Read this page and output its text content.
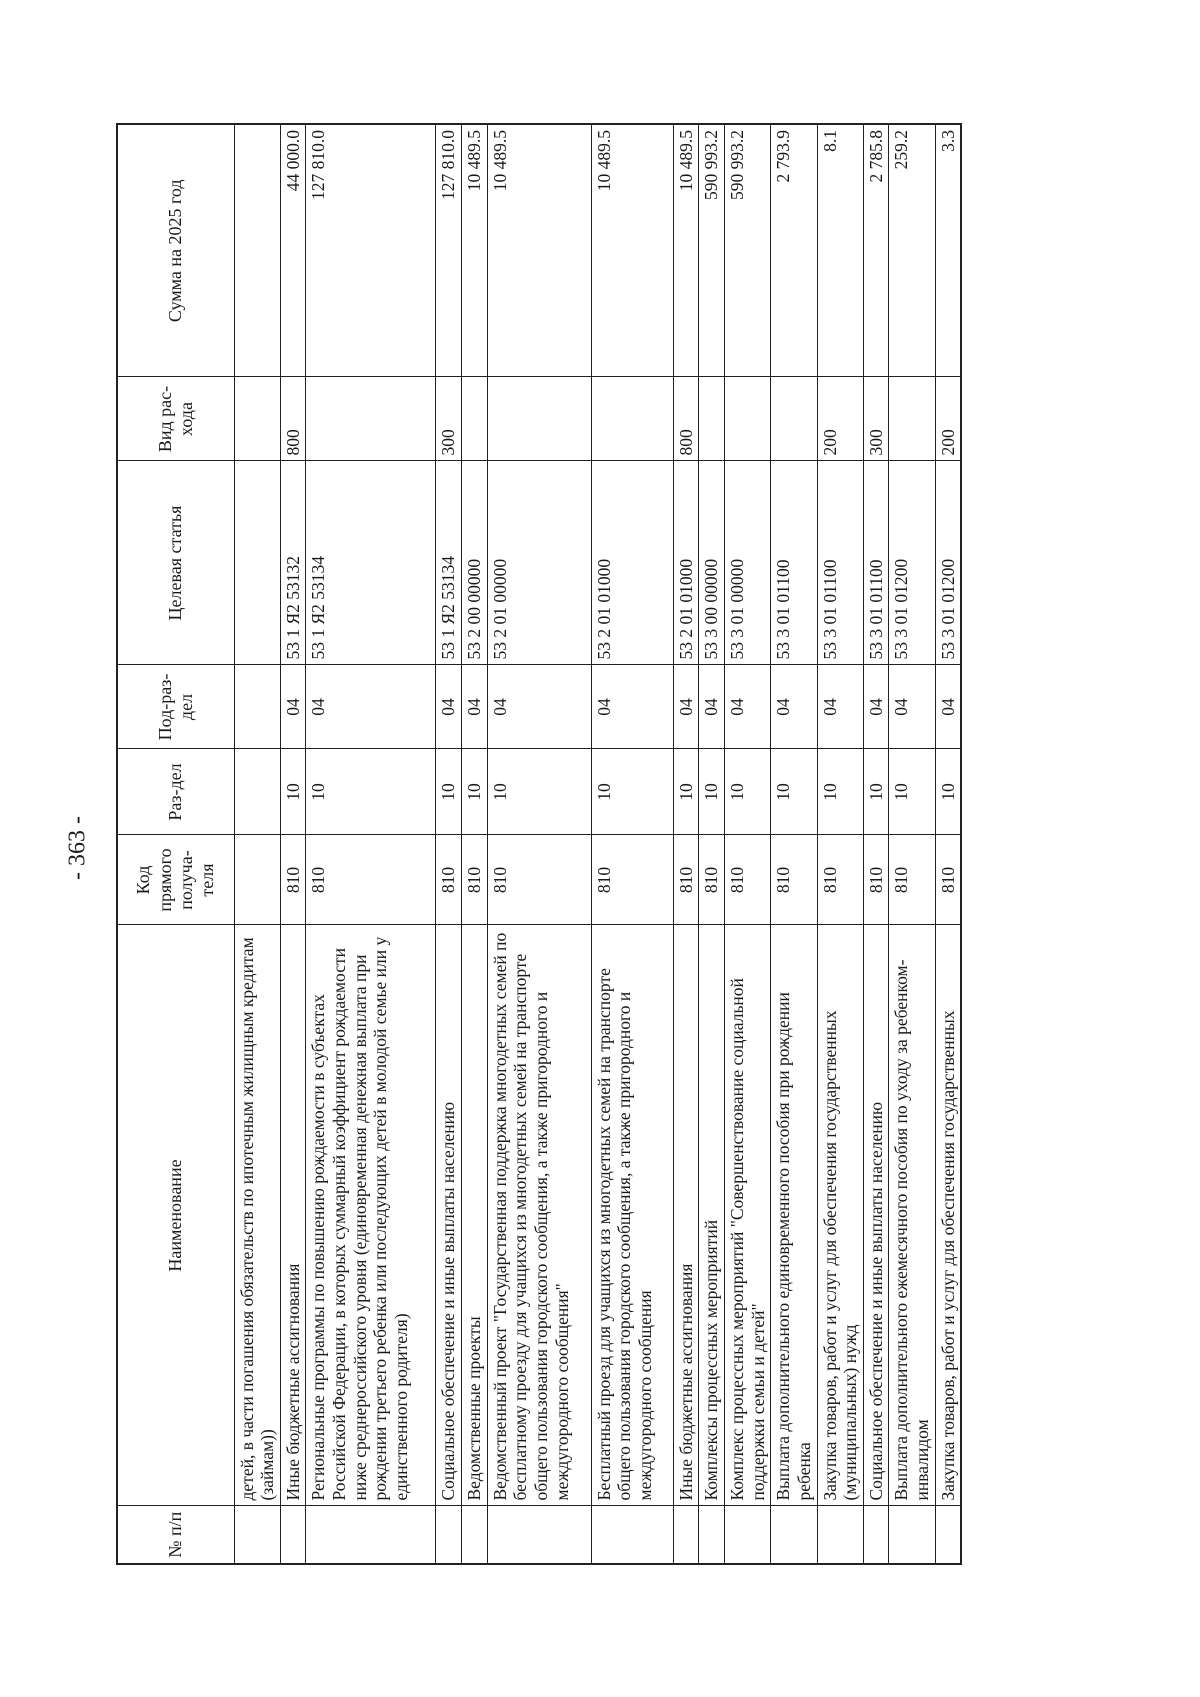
- 363 -
№ п/п	Наименование	Код прямого получа-теля	Раз-дел	Под-раз-дел	Целевая статья	Вид рас-хода	Сумма на 2025 год
	детей, в части погашения обязательств по ипотечным жилищным кредитам (займам))						
	Иные бюджетные ассигнования	810	10	04	53 1 Я2 53132	800	44 000.0
	Региональные программы по повышению рождаемости в субъектах Российской Федерации, в которых суммарный коэффициент рождаемости ниже среднероссийского уровня (единовременная денежная выплата при рождении третьего ребенка или последующих детей в молодой семье или у единственного родителя)	810	10	04	53 1 Я2 53134		127 810.0
	Социальное обеспечение и иные выплаты населению	810	10	04	53 1 Я2 53134	300	127 810.0
	Ведомственные проекты	810	10	04	53 2 00 00000		10 489.5
	Ведомственный проект "Государственная поддержка многодетных семей по бесплатному проезду для учащихся из многодетных семей на транспорте общего пользования городского сообщения, а также пригородного и междугородного сообщения"	810	10	04	53 2 01 00000		10 489.5
	Бесплатный проезд для учащихся из многодетных семей на транспорте общего пользования городского сообщения, а также пригородного и междугородного сообщения	810	10	04	53 2 01 01000		10 489.5
	Иные бюджетные ассигнования	810	10	04	53 2 01 01000	800	10 489.5
	Комплексы процессных мероприятий	810	10	04	53 3 00 00000		590 993.2
	Комплекс процессных мероприятий "Совершенствование социальной поддержки семьи и детей"	810	10	04	53 3 01 00000		590 993.2
	Выплата дополнительного единовременного пособия при рождении ребенка	810	10	04	53 3 01 01100		2 793.9
	Закупка товаров, работ и услуг для обеспечения государственных (муниципальных) нужд	810	10	04	53 3 01 01100	200	8.1
	Социальное обеспечение и иные выплаты населению	810	10	04	53 3 01 01100	300	2 785.8
	Выплата дополнительного ежемесячного пособия по уходу за ребенком-инвалидом	810	10	04	53 3 01 01200		259.2
	Закупка товаров, работ и услуг для обеспечения государственных	810	10	04	53 3 01 01200	200	3.3
